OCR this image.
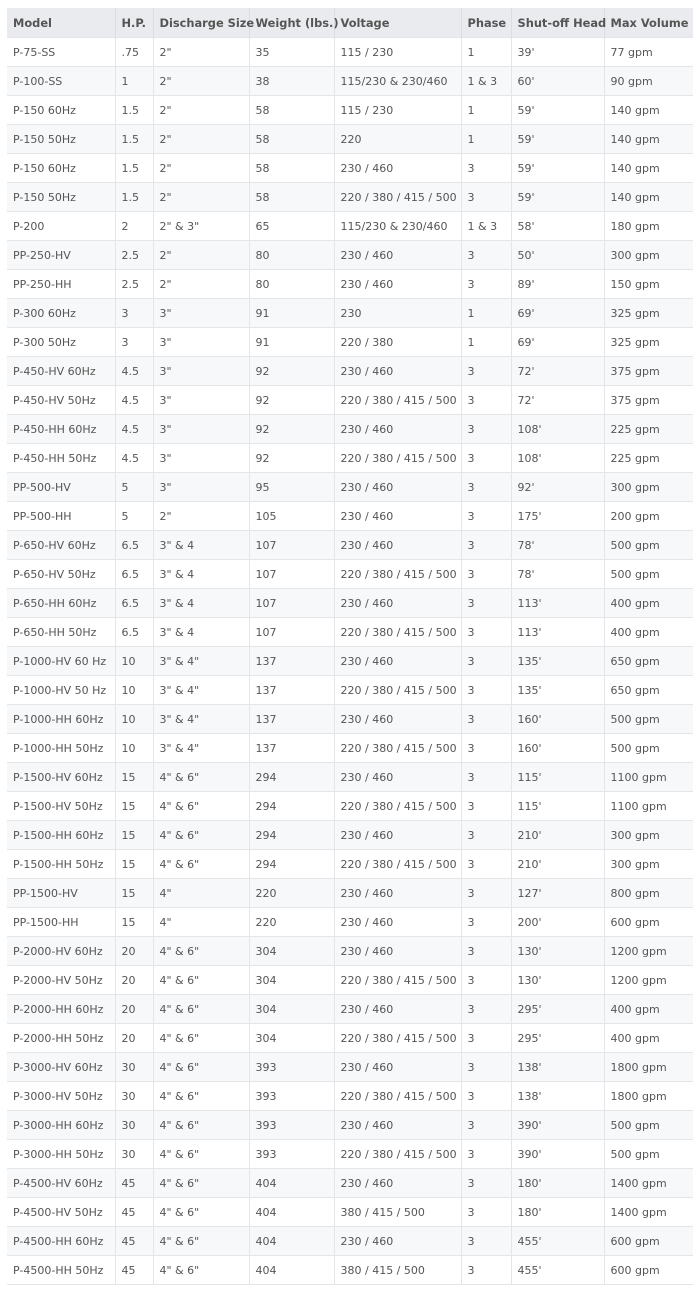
Model	H.P.	Discharge Size	Weight (lbs.)	Voltage	Phase	Shut-off Head	Max Volume
P-75-SS	.75	2"	35	115 / 230	1	39'	77 gpm
P-100-SS	1	2"	38	115/230 & 230/460	1 & 3	60'	90 gpm
P-150 60Hz	1.5	2"	58	115 / 230	1	59'	140 gpm
P-150 50Hz	1.5	2"	58	220	1	59'	140 gpm
P-150 60Hz	1.5	2"	58	230 / 460	3	59'	140 gpm
P-150 50Hz	1.5	2"	58	220 / 380 / 415 / 500	3	59'	140 gpm
P-200	2	2" & 3"	65	115/230 & 230/460	1 & 3	58'	180 gpm
PP-250-HV	2.5	2"	80	230 / 460	3	50'	300 gpm
PP-250-HH	2.5	2"	80	230 / 460	3	89'	150 gpm
P-300 60Hz	3	3"	91	230	1	69'	325 gpm
P-300 50Hz	3	3"	91	220 / 380	1	69'	325 gpm
P-450-HV 60Hz	4.5	3"	92	230 / 460	3	72'	375 gpm
P-450-HV 50Hz	4.5	3"	92	220 / 380 / 415 / 500	3	72'	375 gpm
P-450-HH 60Hz	4.5	3"	92	230 / 460	3	108'	225 gpm
P-450-HH 50Hz	4.5	3"	92	220 / 380 / 415 / 500	3	108'	225 gpm
PP-500-HV	5	3"	95	230 / 460	3	92'	300 gpm
PP-500-HH	5	2"	105	230 / 460	3	175'	200 gpm
P-650-HV 60Hz	6.5	3" & 4	107	230 / 460	3	78'	500 gpm
P-650-HV 50Hz	6.5	3" & 4	107	220 / 380 / 415 / 500	3	78'	500 gpm
P-650-HH 60Hz	6.5	3" & 4	107	230 / 460	3	113'	400 gpm
P-650-HH 50Hz	6.5	3" & 4	107	220 / 380 / 415 / 500	3	113'	400 gpm
P-1000-HV 60 Hz	10	3" & 4"	137	230 / 460	3	135'	650 gpm
P-1000-HV 50 Hz	10	3" & 4"	137	220 / 380 / 415 / 500	3	135'	650 gpm
P-1000-HH 60Hz	10	3" & 4"	137	230 / 460	3	160'	500 gpm
P-1000-HH 50Hz	10	3" & 4"	137	220 / 380 / 415 / 500	3	160'	500 gpm
P-1500-HV 60Hz	15	4" & 6"	294	230 / 460	3	115'	1100 gpm
P-1500-HV 50Hz	15	4" & 6"	294	220 / 380 / 415 / 500	3	115'	1100 gpm
P-1500-HH 60Hz	15	4" & 6"	294	230 / 460	3	210'	300 gpm
P-1500-HH 50Hz	15	4" & 6"	294	220 / 380 / 415 / 500	3	210'	300 gpm
PP-1500-HV	15	4"	220	230 / 460	3	127'	800 gpm
PP-1500-HH	15	4"	220	230 / 460	3	200'	600 gpm
P-2000-HV 60Hz	20	4" & 6"	304	230 / 460	3	130'	1200 gpm
P-2000-HV 50Hz	20	4" & 6"	304	220 / 380 / 415 / 500	3	130'	1200 gpm
P-2000-HH 60Hz	20	4" & 6"	304	230 / 460	3	295'	400 gpm
P-2000-HH 50Hz	20	4" & 6"	304	220 / 380 / 415 / 500	3	295'	400 gpm
P-3000-HV 60Hz	30	4" & 6"	393	230 / 460	3	138'	1800 gpm
P-3000-HV 50Hz	30	4" & 6"	393	220 / 380 / 415 / 500	3	138'	1800 gpm
P-3000-HH 60Hz	30	4" & 6"	393	230 / 460	3	390'	500 gpm
P-3000-HH 50Hz	30	4" & 6"	393	220 / 380 / 415 / 500	3	390'	500 gpm
P-4500-HV 60Hz	45	4" & 6"	404	230 / 460	3	180'	1400 gpm
P-4500-HV 50Hz	45	4" & 6"	404	380 / 415 / 500	3	180'	1400 gpm
P-4500-HH 60Hz	45	4" & 6"	404	230 / 460	3	455'	600 gpm
P-4500-HH 50Hz	45	4" & 6"	404	380 / 415 / 500	3	455'	600 gpm
